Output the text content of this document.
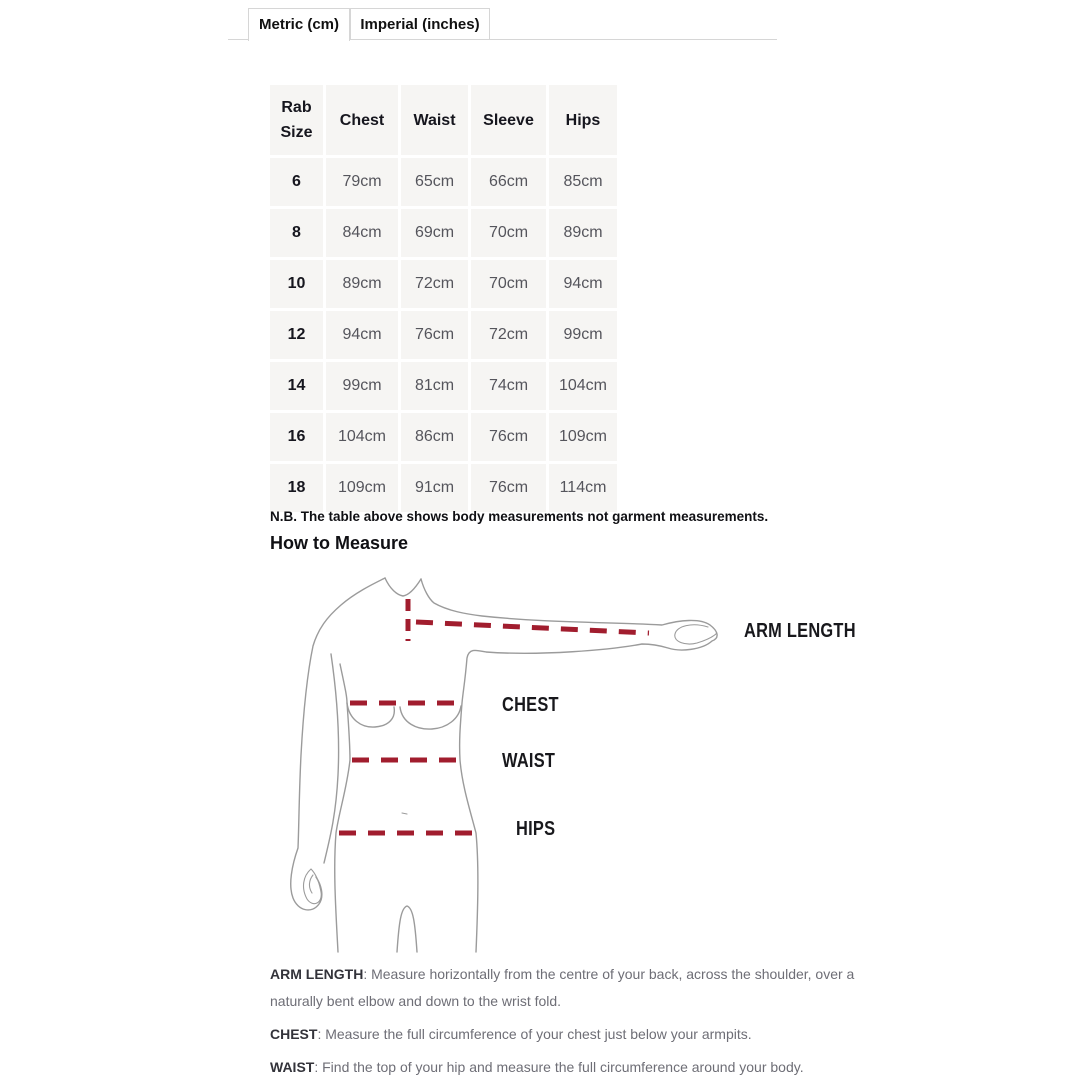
Metric (cm)	Imperial (inches)
Rab Size	Chest	Waist	Sleeve	Hips
6	79cm	65cm	66cm	85cm
8	84cm	69cm	70cm	89cm
10	89cm	72cm	70cm	94cm
12	94cm	76cm	72cm	99cm
14	99cm	81cm	74cm	104cm
16	104cm	86cm	76cm	109cm
18	109cm	91cm	76cm	114cm
N.B. The table above shows body measurements not garment measurements.
How to Measure
ARM LENGTH
CHEST
WAIST
HIPS

ARM LENGTH: Measure horizontally from the centre of your back, across the shoulder, over a naturally bent elbow and down to the wrist fold.

CHEST: Measure the full circumference of your chest just below your armpits.

WAIST: Find the top of your hip and measure the full circumference around your body.
